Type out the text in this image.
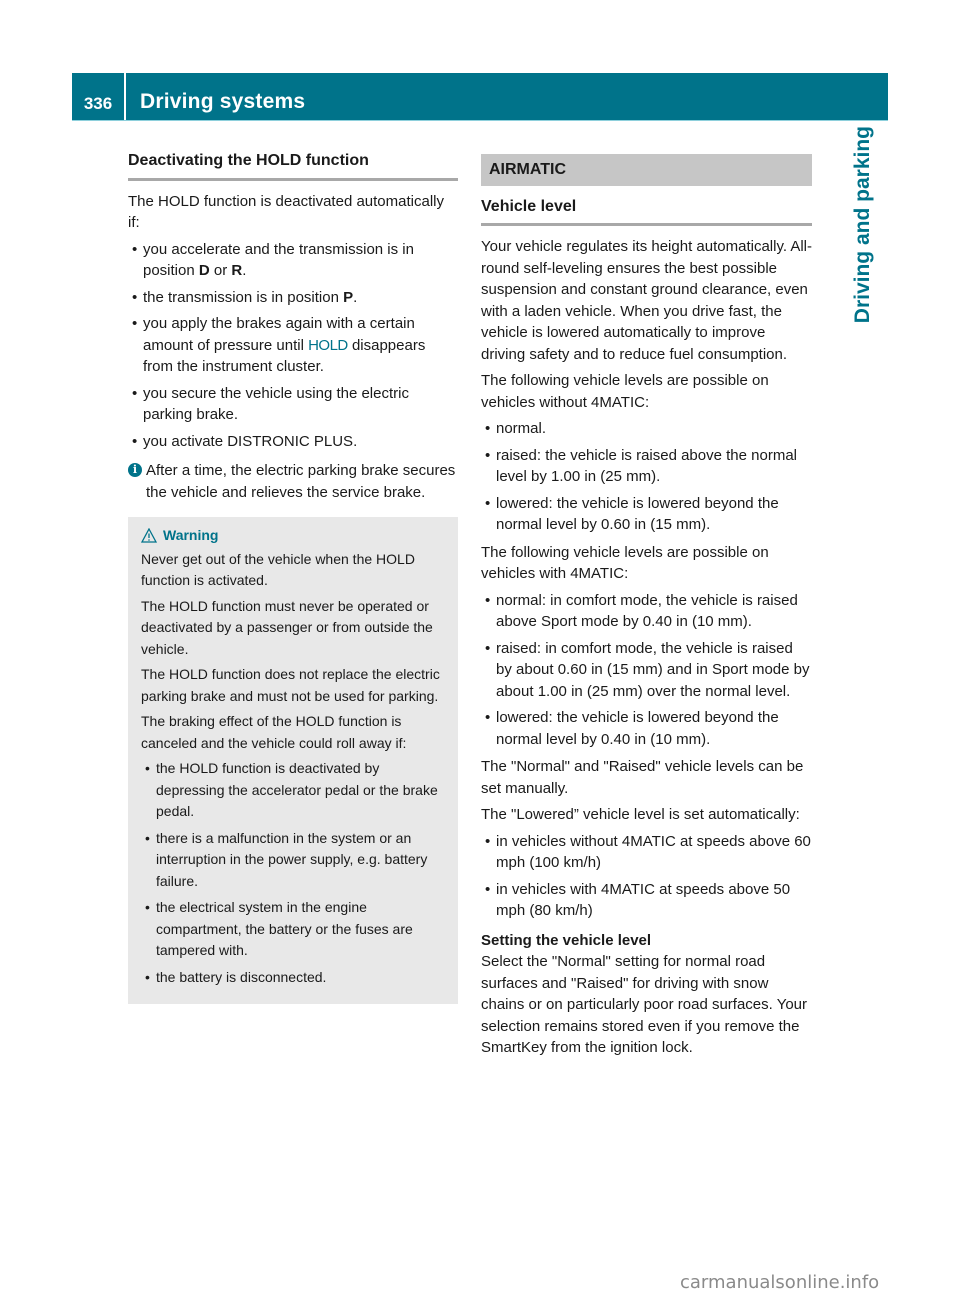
336	Driving systems
Driving and parking
Deactivating the HOLD function

The HOLD function is deactivated automatically if:

• you accelerate and the transmission is in position D or R.
• the transmission is in position P.
• you apply the brakes again with a certain amount of pressure until HOLD disappears from the instrument cluster.
• you secure the vehicle using the electric parking brake.
• you activate DISTRONIC PLUS.
i After a time, the electric parking brake secures the vehicle and relieves the service brake.
Warning

Never get out of the vehicle when the HOLD function is activated.

The HOLD function must never be operated or deactivated by a passenger or from outside the vehicle.

The HOLD function does not replace the electric parking brake and must not be used for parking.

The braking effect of the HOLD function is canceled and the vehicle could roll away if:

• the HOLD function is deactivated by depressing the accelerator pedal or the brake pedal.
• there is a malfunction in the system or an interruption in the power supply, e.g. battery failure.
• the electrical system in the engine compartment, the battery or the fuses are tampered with.
• the battery is disconnected.
AIRMATIC
Vehicle level

Your vehicle regulates its height automatically. All-round self-leveling ensures the best possible suspension and constant ground clearance, even with a laden vehicle. When you drive fast, the vehicle is lowered automatically to improve driving safety and to reduce fuel consumption.

The following vehicle levels are possible on vehicles without 4MATIC:

• normal.
• raised: the vehicle is raised above the normal level by 1.00 in (25 mm).
• lowered: the vehicle is lowered beyond the normal level by 0.60 in (15 mm).

The following vehicle levels are possible on vehicles with 4MATIC:

• normal: in comfort mode, the vehicle is raised above Sport mode by 0.40 in (10 mm).
• raised: in comfort mode, the vehicle is raised by about 0.60 in (15 mm) and in Sport mode by about 1.00 in (25 mm) over the normal level.
• lowered: the vehicle is lowered beyond the normal level by 0.40 in (10 mm).

The "Normal" and "Raised" vehicle levels can be set manually.

The "Lowered” vehicle level is set automatically:

• in vehicles without 4MATIC at speeds above 60 mph (100 km/h)
• in vehicles with 4MATIC at speeds above 50 mph (80 km/h)
Setting the vehicle level

Select the "Normal" setting for normal road surfaces and "Raised" for driving with snow chains or on particularly poor road surfaces. Your selection remains stored even if you remove the SmartKey from the ignition lock.

carmanualsonline.info
